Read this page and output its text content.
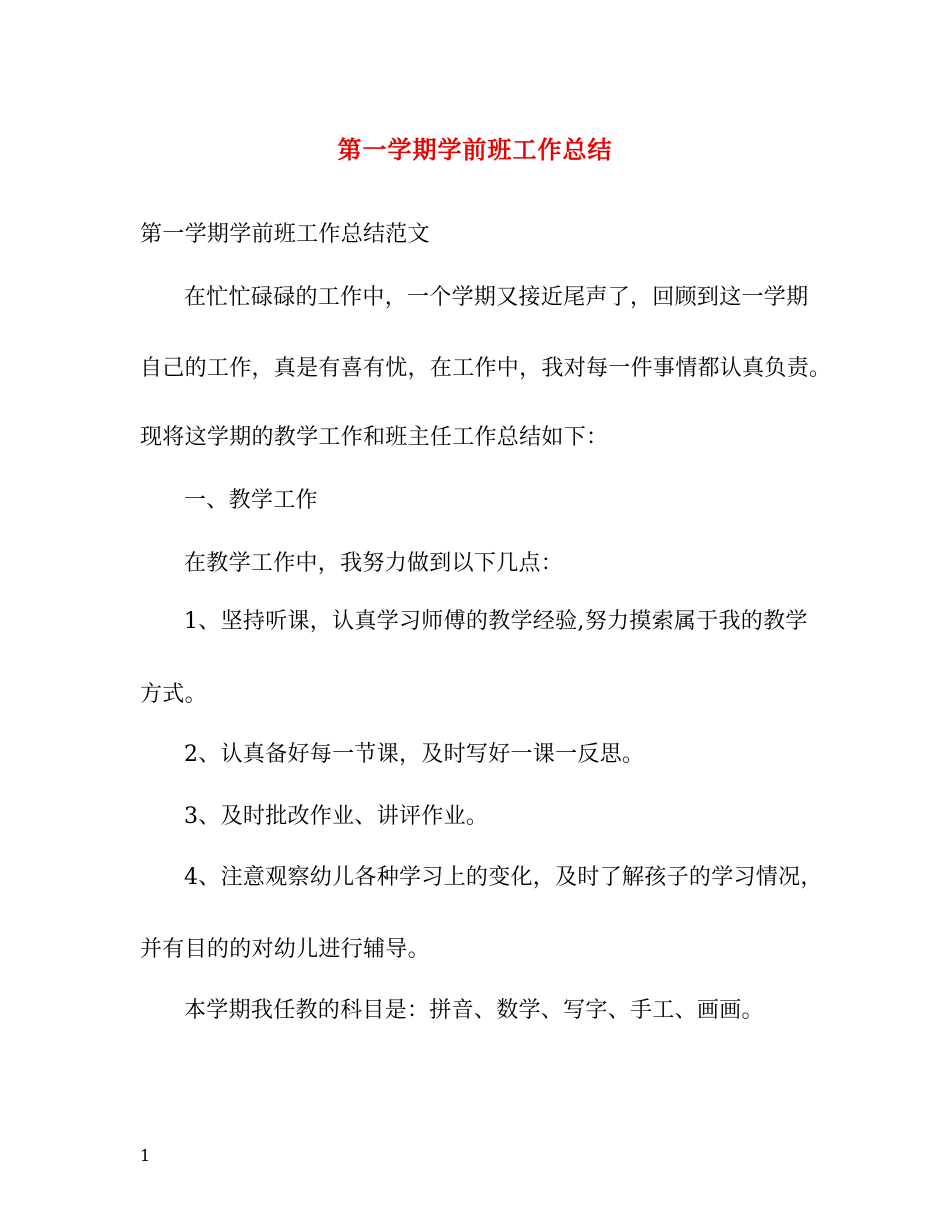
第一学期学前班工作总结
第一学期学前班工作总结范文
在忙忙碌碌的工作中，一个学期又接近尾声了，回顾到这一学期
自己的工作，真是有喜有忧，在工作中，我对每一件事情都认真负责。
现将这学期的教学工作和班主任工作总结如下：
一、教学工作
在教学工作中，我努力做到以下几点：
1、坚持听课，认真学习师傅的教学经验,努力摸索属于我的教学
方式。
2、认真备好每一节课，及时写好一课一反思。
3、及时批改作业、讲评作业。
4、注意观察幼儿各种学习上的变化，及时了解孩子的学习情况，
并有目的的对幼儿进行辅导。
本学期我任教的科目是：拼音、数学、写字、手工、画画。
1
